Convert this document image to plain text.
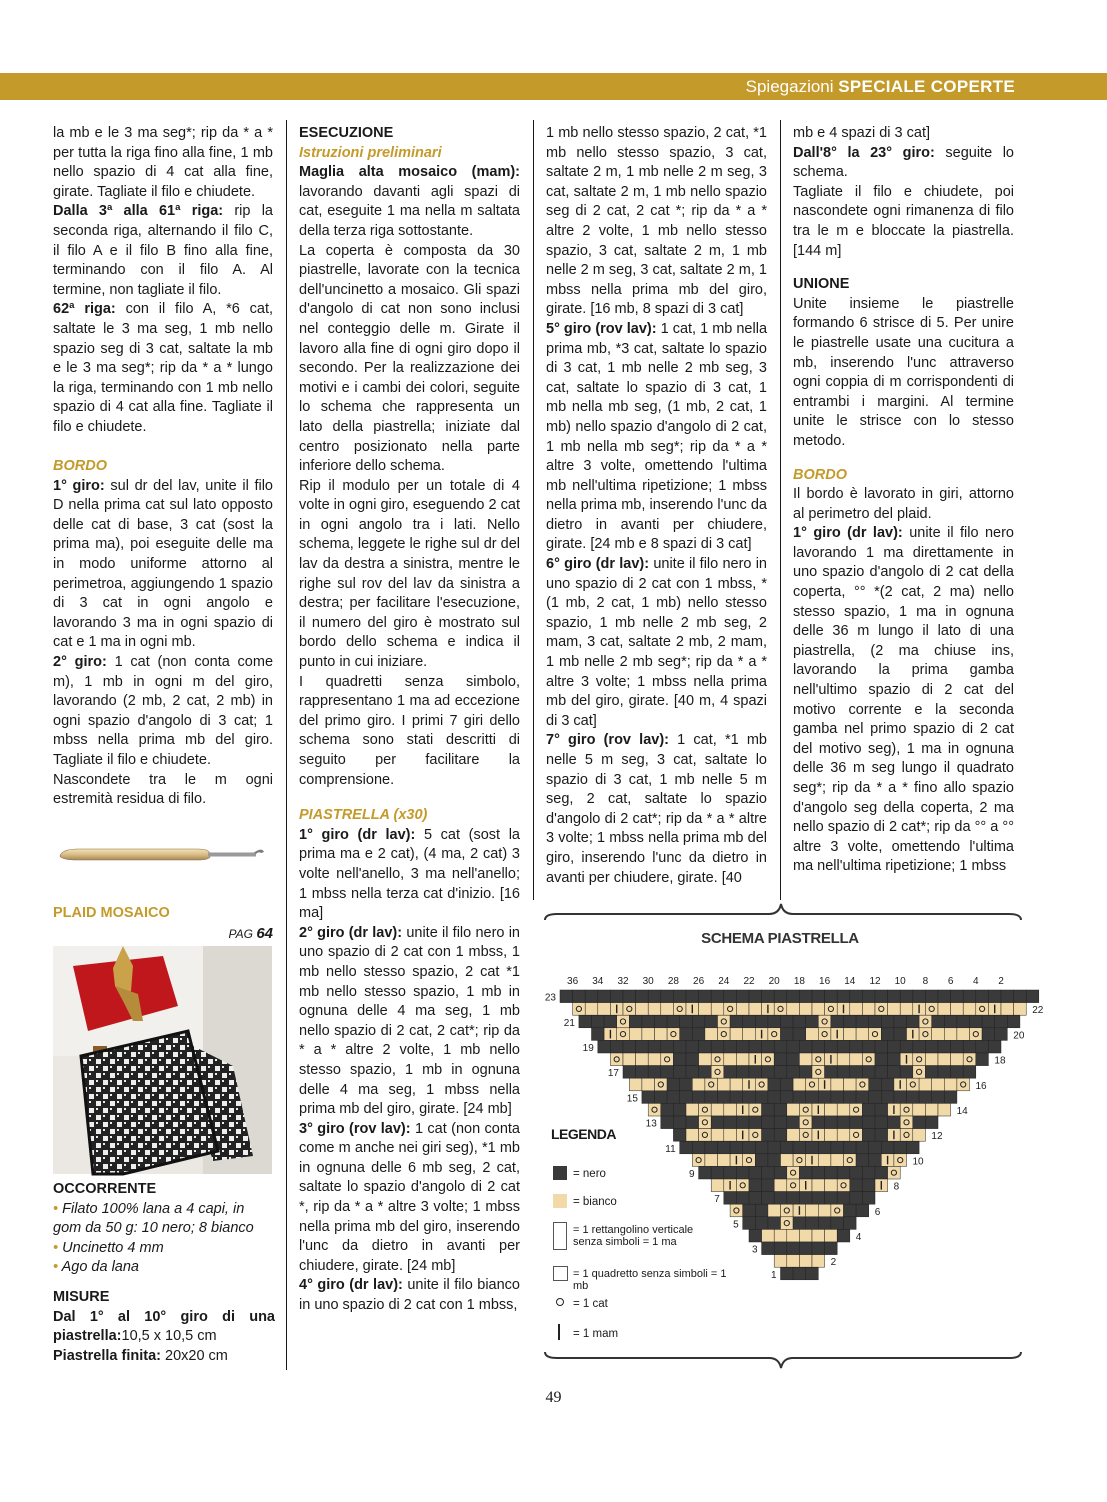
Spiegazioni SPECIALE COPERTE

la mb e le 3 ma seg*; rip da * a * per tutta la riga fino alla fine, 1 mb nello spazio di 4 cat alla fine, girate. Tagliate il filo e chiudete.

Dalla 3ª alla 61ª riga: rip la seconda riga, alternando il filo C, il filo A e il filo B fino alla fine, terminando con il filo A. Al termine, non tagliate il filo.

62ª riga: con il filo A, *6 cat, saltate le 3 ma seg, 1 mb nello spazio seg di 3 cat, saltate la mb e le 3 ma seg*; rip da * a * lungo la riga, terminando con 1 mb nello spazio di 4 cat alla fine. Tagliate il filo e chiudete.

BORDO

1° giro: sul dr del lav, unite il filo D nella prima cat sul lato opposto delle cat di base, 3 cat (sost la prima ma), poi eseguite delle ma in modo uniforme attorno al perimetroa, aggiungendo 1 spazio di 3 cat in ogni angolo e lavorando 3 ma in ogni spazio di cat e 1 ma in ogni mb.

2° giro: 1 cat (non conta come m), 1 mb in ogni m del giro, lavorando (2 mb, 2 cat, 2 mb) in ogni spazio d'angolo di 3 cat; 1 mbss nella prima mb del giro. Tagliate il filo e chiudete.

Nascondete tra le m ogni estremità residua di filo.

PLAID MOSAICO

PAG 64

OCCORRENTE

• Filato 100% lana a 4 capi, in gom da 50 g: 10 nero; 8 bianco

• Uncinetto 4 mm

• Ago da lana

MISURE

Dal 1° al 10° giro di una piastrella:10,5 x 10,5 cm

Piastrella finita: 20x20 cm

ESECUZIONE

Istruzioni preliminari

Maglia alta mosaico (mam): lavorando davanti agli spazi di cat, eseguite 1 ma nella m saltata della terza riga sottostante.

La coperta è composta da 30 piastrelle, lavorate con la tecnica dell'uncinetto a mosaico. Gli spazi d'angolo di cat non sono inclusi nel conteggio delle m. Girate il lavoro alla fine di ogni giro dopo il secondo. Per la realizzazione dei motivi e i cambi dei colori, seguite lo schema che rappresenta un lato della piastrella; iniziate dal centro posizionato nella parte inferiore dello schema.

Rip il modulo per un totale di 4 volte in ogni giro, eseguendo 2 cat in ogni angolo tra i lati. Nello schema, leggete le righe sul dr del lav da destra a sinistra, mentre le righe sul rov del lav da sinistra a destra; per facilitare l'esecuzione, il numero del giro è mostrato sul bordo dello schema e indica il punto in cui iniziare.

I quadretti senza simbolo, rappresentano 1 ma ad eccezione del primo giro. I primi 7 giri dello schema sono stati descritti di seguito per facilitare la comprensione.

PIASTRELLA (x30)

1° giro (dr lav): 5 cat (sost la prima ma e 2 cat), (4 ma, 2 cat) 3 volte nell'anello, 3 ma nell'anello; 1 mbss nella terza cat d'inizio. [16 ma]

2° giro (dr lav): unite il filo nero in uno spazio di 2 cat con 1 mbss, 1 mb nello stesso spazio, 2 cat *1 mb nello stesso spazio, 1 mb in ognuna delle 4 ma seg, 1 mb nello spazio di 2 cat, 2 cat*; rip da * a * altre 2 volte, 1 mb nello stesso spazio, 1 mb in ognuna delle 4 ma seg, 1 mbss nella prima mb del giro, girate. [24 mb]

3° giro (rov lav): 1 cat (non conta come m anche nei giri seg), *1 mb in ognuna delle 6 mb seg, 2 cat, saltate lo spazio d'angolo di 2 cat *, rip da * a * altre 3 volte; 1 mbss nella prima mb del giro, inserendo l'unc da dietro in avanti per chiudere, girate. [24 mb]

4° giro (dr lav): unite il filo bianco in uno spazio di 2 cat con 1 mbss,

1 mb nello stesso spazio, 2 cat, *1 mb nello stesso spazio, 3 cat, saltate 2 m, 1 mb nelle 2 m seg, 3 cat, saltate 2 m, 1 mb nello spazio seg di 2 cat, 2 cat *; rip da * a * altre 2 volte, 1 mb nello stesso spazio, 3 cat, saltate 2 m, 1 mb nelle 2 m seg, 3 cat, saltate 2 m, 1 mbss nella prima mb del giro, girate. [16 mb, 8 spazi di 3 cat]

5° giro (rov lav): 1 cat, 1 mb nella prima mb, *3 cat, saltate lo spazio di 3 cat, 1 mb nelle 2 mb seg, 3 cat, saltate lo spazio di 3 cat, 1 mb nella mb seg, (1 mb, 2 cat, 1 mb) nello spazio d'angolo di 2 cat, 1 mb nella mb seg*; rip da * a * altre 3 volte, omettendo l'ultima mb nell'ultima ripetizione; 1 mbss nella prima mb, inserendo l'unc da dietro in avanti per chiudere, girate. [24 mb e 8 spazi di 3 cat]

6° giro (dr lav): unite il filo nero in uno spazio di 2 cat con 1 mbss, *(1 mb, 2 cat, 1 mb) nello stesso spazio, 1 mb nelle 2 mb seg, 2 mam, 3 cat, saltate 2 mb, 2 mam, 1 mb nelle 2 mb seg*; rip da * a * altre 3 volte; 1 mbss nella prima mb del giro, girate. [40 m, 4 spazi di 3 cat]

7° giro (rov lav): 1 cat, *1 mb nelle 5 m seg, 3 cat, saltate lo spazio di 3 cat, 1 mb nelle 5 m seg, 2 cat, saltate lo spazio d'angolo di 2 cat*; rip da * a * altre 3 volte; 1 mbss nella prima mb del giro, inserendo l'unc da dietro in avanti per chiudere, girate. [40

mb e 4 spazi di 3 cat]

Dall'8° la 23° giro: seguite lo schema.

Tagliate il filo e chiudete, poi nascondete ogni rimanenza di filo tra le m e bloccate la piastrella. [144 m]

UNIONE

Unite insieme le piastrelle formando 6 strisce di 5. Per unire le piastrelle usate una cucitura a mb, inserendo l'unc attraverso ogni coppia di m corrispondenti di entrambi i margini. Al termine unite le strisce con lo stesso metodo.

BORDO

Il bordo è lavorato in giri, attorno al perimetro del plaid.

1° giro (dr lav): unite il filo nero lavorando 1 ma direttamente in uno spazio d'angolo di 2 cat della coperta, °° *(2 cat, 2 ma) nello stesso spazio, 1 ma in ognuna delle 36 m lungo il lato di una piastrella, (2 ma chiuse ins, lavorando la prima gamba nell'ultimo spazio di 2 cat del motivo corrente e la seconda gamba nel primo spazio di 2 cat del motivo seg), 1 ma in ognuna delle 36 m seg lungo il quadrato seg*; rip da * a * fino allo spazio d'angolo seg della coperta, 2 ma nello spazio di 2 cat*; rip da °° a °° altre 3 volte, omettendo l'ultima ma nell'ultima ripetizione; 1 mbss

SCHEMA PIASTRELLA
36 34 32 30 28 26 24 22 20 18 16 14 12 10 8 6 4 2
23
21
19
17
15
13
11
9
7
5
3
1
22
20
18
16
14
12
10
8
6
4
2
LEGENDA
= nero
= bianco
= 1 rettangolino verticale
senza simboli = 1 ma
= 1 quadretto senza simboli = 1 mb
= 1 cat
= 1 mam
49
